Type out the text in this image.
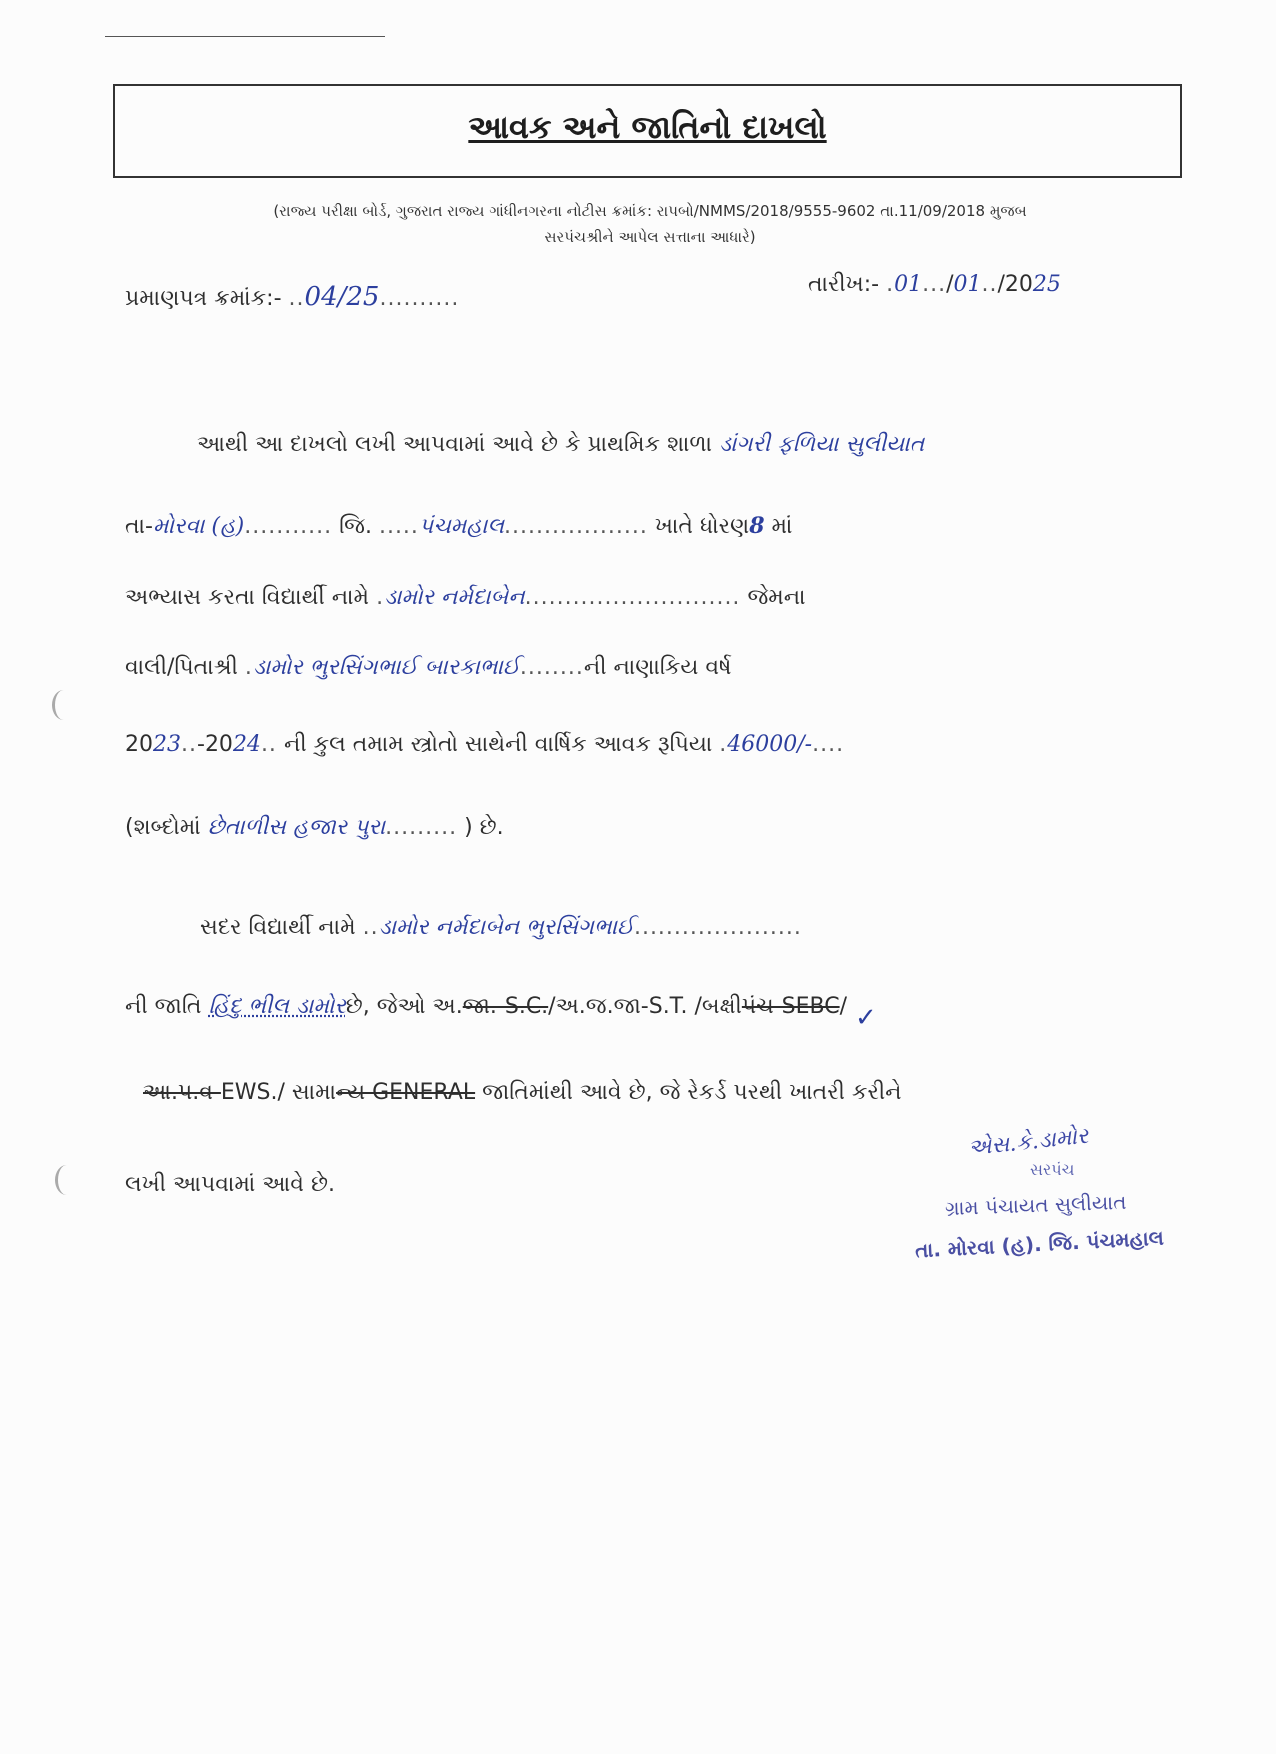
આવક અને જાતિનો દાખલો
(રાજ્ય પરીક્ષા બોર્ડ, ગુજરાત રાજ્ય ગાંધીનગરના નોટીસ ક્રમાંક: રાપબો/NMMS/2018/9555-9602 તા.11/09/2018 મુજબ
સરપંચશ્રીને આપેલ સત્તાના આધારે)
પ્રમાણપત્ર ક્રમાંક:- ..04/25..........
તારીખ:- .01.../01../2025
આથી આ દાખલો લખી આપવામાં આવે છે કે પ્રાથમિક શાળા ડાંગરી ફળિયા સુલીયાત
તા-મોરવા (હ)........... જિ. .....પંચમહાલ.................. ખાતે ધોરણ8 માં
અભ્યાસ કરતા વિદ્યાર્થી નામે .ડામોર નર્મદાબેન........................... જેમના
વાલી/પિતાશ્રી .ડામોર ભુરસિંગભાઈ બારકાભાઈ........ની નાણાકિય વર્ષ
2023..-2024.. ની કુલ તમામ સ્ત્રોતો સાથેની વાર્ષિક આવક રૂપિયા .46000/-....
(શબ્દોમાં છેતાળીસ હજાર પુરા......... ) છે.
સદર વિદ્યાર્થી નામે ..ડામોર નર્મદાબેન ભુરસિંગભાઈ.....................
ની જાતિ હિંદુ ભીલ ડામોરછે, જેઓ અ.જા.-S.C./અ.જ.જા-S.T. /બક્ષીપંચ-SEBC/ ✓
આ.પ.વ-EWS./ સામાન્ય GENERAL જાતિમાંથી આવે છે, જે રેકર્ડ પરથી ખાતરી કરીને
લખી આપવામાં આવે છે.
એસ.કે.ડામોર
સરપંચ
ગ્રામ પંચાયત સુલીયાત
તા. મોરવા (હ). જિ. પંચમહાલ
